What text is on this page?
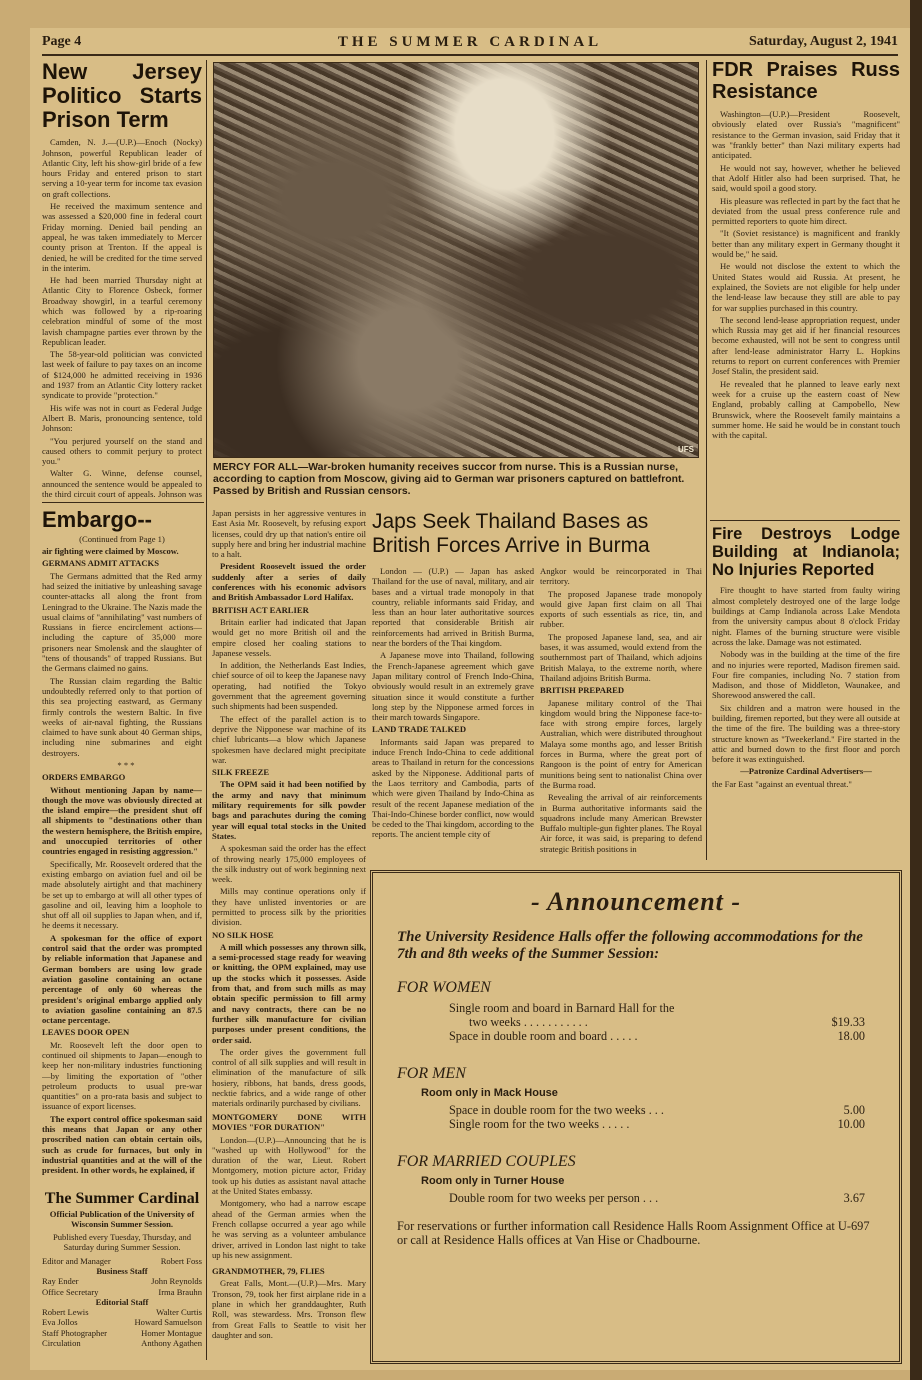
Page 4	THE SUMMER CARDINAL	Saturday, August 2, 1941
New Jersey Politico Starts Prison Term

Camden, N. J.—(U.P.)—Enoch (Nocky) Johnson, powerful Republican leader of Atlantic City, left his show-girl bride of a few hours Friday and entered prison to start serving a 10-year term for income tax evasion on graft collections.

He received the maximum sentence and was assessed a $20,000 fine in federal court Friday morning. Denied bail pending an appeal, he was taken immediately to Mercer county prison at Trenton. If the appeal is denied, he will be credited for the time served in the interim.

He had been married Thursday night at Atlantic City to Florence Osbeck, former Broadway showgirl, in a tearful ceremony which was followed by a rip-roaring celebration mindful of some of the most lavish champagne parties ever thrown by the Republican leader.

The 58-year-old politician was convicted last week of failure to pay taxes on an income of $124,000 he admitted receiving in 1936 and 1937 from an Atlantic City lottery racket syndicate to provide "protection."

His wife was not in court as Federal Judge Albert B. Maris, pronouncing sentence, told Johnson:

"You perjured yourself on the stand and caused others to commit perjury to protect you."

Walter G. Winne, defense counsel, announced the sentence would be appealed to the third circuit court of appeals. Johnson was

UFS
MERCY FOR ALL—War-broken humanity receives succor from nurse. This is a Russian nurse, according to caption from Moscow, giving aid to German war prisoners captured on battlefront. Passed by British and Russian censors.
FDR Praises Russ Resistance

Washington—(U.P.)—President Roosevelt, obviously elated over Russia's "magnificent" resistance to the German invasion, said Friday that it was "frankly better" than Nazi military experts had anticipated.

He would not say, however, whether he believed that Adolf Hitler also had been surprised. That, he said, would spoil a good story.

His pleasure was reflected in part by the fact that he deviated from the usual press conference rule and permitted reporters to quote him direct.

"It (Soviet resistance) is magnificent and frankly better than any military expert in Germany thought it would be," he said.

He would not disclose the extent to which the United States would aid Russia. At present, he explained, the Soviets are not eligible for help under the lend-lease law because they still are able to pay for war supplies purchased in this country.

The second lend-lease appropriation request, under which Russia may get aid if her financial resources become exhausted, will not be sent to congress until after lend-lease administrator Harry L. Hopkins returns to report on current conferences with Premier Josef Stalin, the president said.

He revealed that he planned to leave early next week for a cruise up the eastern coast of New England, probably calling at Campobello, New Brunswick, where the Roosevelt family maintains a summer home. He said he would be in constant touch with the capital.

Fire Destroys Lodge Building at Indianola; No Injuries Reported

Fire thought to have started from faulty wiring almost completely destroyed one of the large lodge buildings at Camp Indianola across Lake Mendota from the university campus about 8 o'clock Friday night. Flames of the burning structure were visible across the lake. Damage was not estimated.

Nobody was in the building at the time of the fire and no injuries were reported, Madison firemen said. Four fire companies, including No. 7 station from Madison, and those of Middleton, Waunakee, and Shorewood answered the call.

Six children and a matron were housed in the building, firemen reported, but they were all outside at the time of the fire. The building was a three-story structure known as "Tweekerland." Fire started in the attic and burned down to the first floor and porch before it was extinguished.

—Patronize Cardinal Advertisers—

the Far East "against an eventual threat."

Embargo--

(Continued from Page 1)

air fighting were claimed by Moscow.

GERMANS ADMIT ATTACKS

The Germans admitted that the Red army had seized the initiative by unleashing savage counter-attacks all along the front from Leningrad to the Ukraine. The Nazis made the usual claims of "annihilating" vast numbers of Russians in fierce encirclement actions—including the capture of 35,000 more prisoners near Smolensk and the slaughter of "tens of thousands" of trapped Russians. But the Germans claimed no gains.

The Russian claim regarding the Baltic undoubtedly referred only to that portion of this sea projecting eastward, as Germany firmly controls the western Baltic. In five weeks of air-naval fighting, the Russians claimed to have sunk about 40 German ships, including nine submarines and eight destroyers.

* * *

ORDERS EMBARGO

Without mentioning Japan by name—though the move was obviously directed at the island empire—the president shut off all shipments to "destinations other than the western hemisphere, the British empire, and unoccupied territories of other countries engaged in resisting aggression."

Specifically, Mr. Roosevelt ordered that the existing embargo on aviation fuel and oil be made absolutely airtight and that machinery be set up to embargo at will all other types of gasoline and oil, leaving him a loophole to shut off all oil supplies to Japan when, and if, he deems it necessary.

A spokesman for the office of export control said that the order was prompted by reliable information that Japanese and German bombers are using low grade aviation gasoline containing an octane percentage of only 60 whereas the president's original embargo applied only to aviation gasoline containing an 87.5 octane percentage.

LEAVES DOOR OPEN

Mr. Roosevelt left the door open to continued oil shipments to Japan—enough to keep her non-military industries functioning—by limiting the exportation of "other petroleum products to usual pre-war quantities" on a pro-rata basis and subject to issuance of export licenses.

The export control office spokesman said this means that Japan or any other proscribed nation can obtain certain oils, such as crude for furnaces, but only in industrial quantities and at the will of the president. In other words, he explained, if

The Summer Cardinal

Official Publication of the University of Wisconsin Summer Session.

Published every Tuesday, Thursday, and Saturday during Summer Session.

Editor and Manager	Robert Foss
Business Staff
Ray Ender	John Reynolds
Office Secretary	Irma Brauhn
Editorial Staff
Robert Lewis	Walter Curtis
Eva Jollos	Howard Samuelson
Staff Photographer	Homer Montague
Circulation	Anthony Agathen

Japan persists in her aggressive ventures in East Asia Mr. Roosevelt, by refusing export licenses, could dry up that nation's entire oil supply here and bring her industrial machine to a halt.

President Roosevelt issued the order suddenly after a series of daily conferences with his economic advisors and British Ambassador Lord Halifax.

BRITISH ACT EARLIER

Britain earlier had indicated that Japan would get no more British oil and the empire closed her coaling stations to Japanese vessels.

In addition, the Netherlands East Indies, chief source of oil to keep the Japanese navy operating, had notified the Tokyo government that the agreement governing such shipments had been suspended.

The effect of the parallel action is to deprive the Nipponese war machine of its chief lubricants—a blow which Japanese spokesmen have declared might precipitate war.

SILK FREEZE

The OPM said it had been notified by the army and navy that minimum military requirements for silk powder bags and parachutes during the coming year will equal total stocks in the United States.

A spokesman said the order has the effect of throwing nearly 175,000 employees of the silk industry out of work beginning next week.

Mills may continue operations only if they have unlisted inventories or are permitted to process silk by the priorities division.

NO SILK HOSE

A mill which possesses any thrown silk, a semi-processed stage ready for weaving or knitting, the OPM explained, may use up the stocks which it possesses. Aside from that, and from such mills as may obtain specific permission to fill army and navy contracts, there can be no further silk manufacture for civilian purposes under present conditions, the order said.

The order gives the government full control of all silk supplies and will result in elimination of the manufacture of silk hosiery, ribbons, hat bands, dress goods, necktie fabrics, and a wide range of other materials ordinarily purchased by civilians.

MONTGOMERY DONE WITH MOVIES "FOR DURATION"

London—(U.P.)—Announcing that he is "washed up with Hollywood" for the duration of the war, Lieut. Robert Montgomery, motion picture actor, Friday took up his duties as assistant naval attache at the United States embassy.

Montgomery, who had a narrow escape ahead of the German armies when the French collapse occurred a year ago while he was serving as a volunteer ambulance driver, arrived in London last night to take up his new assignment.

GRANDMOTHER, 79, FLIES

Great Falls, Mont.—(U.P.)—Mrs. Mary Tronson, 79, took her first airplane ride in a plane in which her granddaughter, Ruth Roll, was stewardess. Mrs. Tronson flew from Great Falls to Seattle to visit her daughter and son.

Japs Seek Thailand Bases as British Forces Arrive in Burma

London — (U.P.) — Japan has asked Thailand for the use of naval, military, and air bases and a virtual trade monopoly in that country, reliable informants said Friday, and less than an hour later authoritative sources reported that considerable British air reinforcements had arrived in British Burma, near the borders of the Thai kingdom.

A Japanese move into Thailand, following the French-Japanese agreement which gave Japan military control of French Indo-China, obviously would result in an extremely grave situation since it would constitute a further long step by the Nipponese armed forces in their march towards Singapore.

LAND TRADE TALKED

Informants said Japan was prepared to induce French Indo-China to cede additional areas to Thailand in return for the concessions asked by the Nipponese. Additional parts of the Laos territory and Cambodia, parts of which were given Thailand by Indo-China as result of the recent Japanese mediation of the Thai-Indo-Chinese border conflict, now would be ceded to the Thai kingdom, according to the reports. The ancient temple city of

Angkor would be reincorporated in Thai territory.

The proposed Japanese trade monopoly would give Japan first claim on all Thai exports of such essentials as rice, tin, and rubber.

The proposed Japanese land, sea, and air bases, it was assumed, would extend from the southernmost part of Thailand, which adjoins British Malaya, to the extreme north, where Thailand adjoins British Burma.

BRITISH PREPARED

Japanese military control of the Thai kingdom would bring the Nipponese face-to-face with strong empire forces, largely Australian, which were distributed throughout Malaya some months ago, and lesser British forces in Burma, where the great port of Rangoon is the point of entry for American munitions being sent to nationalist China over the Burma road.

Revealing the arrival of air reinforcements in Burma authoritative informants said the squadrons include many American Brewster Buffalo multiple-gun fighter planes. The Royal Air force, it was said, is preparing to defend strategic British positions in

- Announcement -
The University Residence Halls offer the following accommodations for the 7th and 8th weeks of the Summer Session:
FOR WOMEN
Single room and board in Barnard Hall for the
two weeks . . . . . . . . . . .	$19.33
Space in double room and board . . . . .	18.00
FOR MEN
Room only in Mack House
Space in double room for the two weeks . . .	5.00
Single room for the two weeks . . . . .	10.00
FOR MARRIED COUPLES
Room only in Turner House
Double room for two weeks per person . . .	3.67
For reservations or further information call Residence Halls Room Assignment Office at U-697 or call at Residence Halls offices at Van Hise or Chadbourne.
